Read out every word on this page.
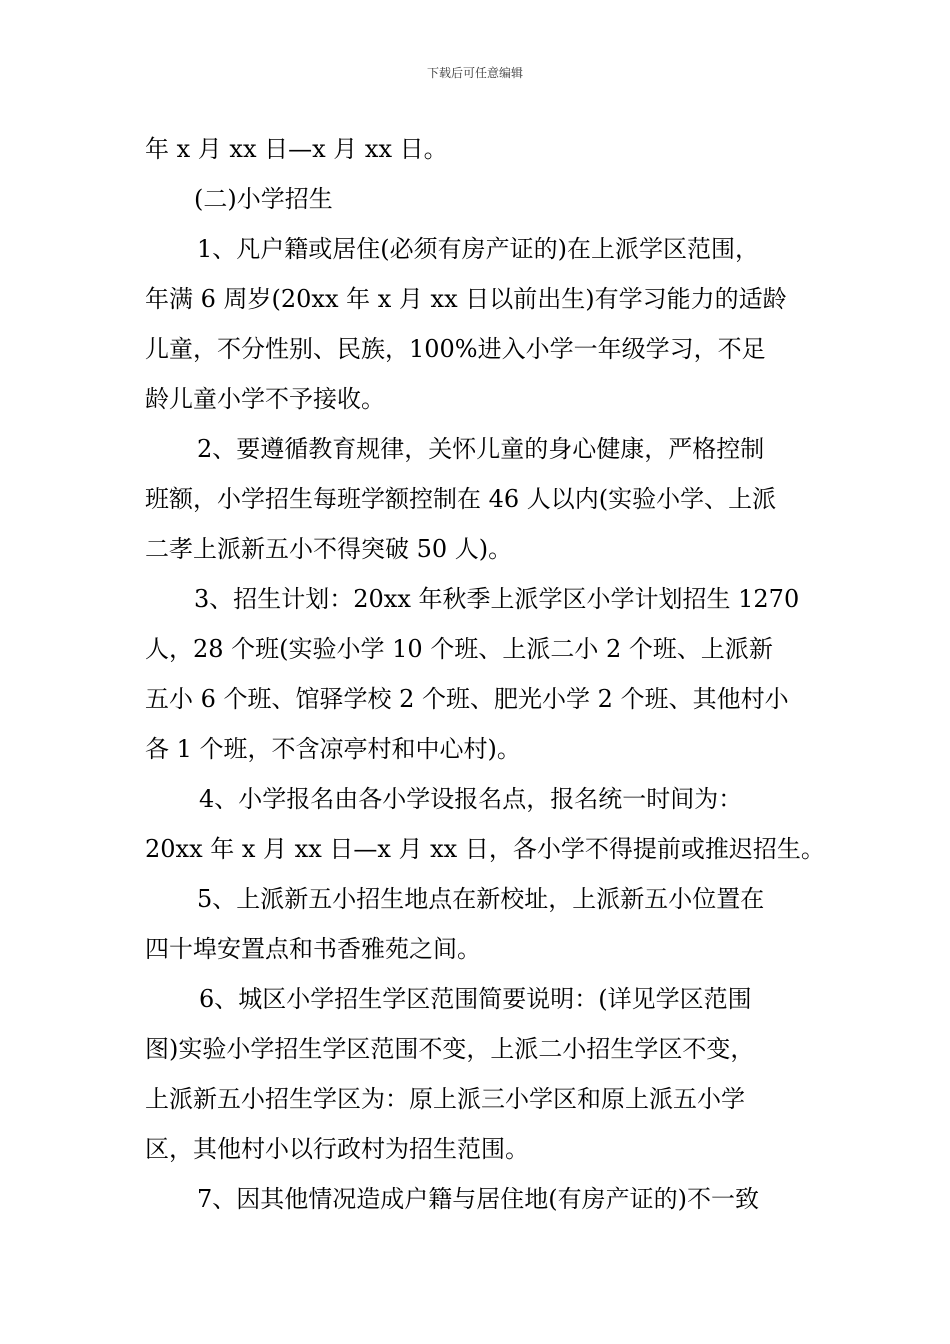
下载后可任意编辑
年 x 月 xx 日—x 月 xx 日。
(二)小学招生
1、凡户籍或居住(必须有房产证的)在上派学区范围，
年满 6 周岁(20xx 年 x 月 xx 日以前出生)有学习能力的适龄
儿童，不分性别、民族，100%进入小学一年级学习，不足
龄儿童小学不予接收。
2、要遵循教育规律，关怀儿童的身心健康，严格控制
班额，小学招生每班学额控制在 46 人以内(实验小学、上派
二孝上派新五小不得突破 50 人)。
3、招生计划：20xx 年秋季上派学区小学计划招生 1270
人，28 个班(实验小学 10 个班、上派二小 2 个班、上派新
五小 6 个班、馆驿学校 2 个班、肥光小学 2 个班、其他村小
各 1 个班，不含凉亭村和中心村)。
4、小学报名由各小学设报名点，报名统一时间为：
20xx 年 x 月 xx 日—x 月 xx 日，各小学不得提前或推迟招生。
5、上派新五小招生地点在新校址，上派新五小位置在
四十埠安置点和书香雅苑之间。
6、城区小学招生学区范围简要说明：(详见学区范围
图)实验小学招生学区范围不变，上派二小招生学区不变，
上派新五小招生学区为：原上派三小学区和原上派五小学
区，其他村小以行政村为招生范围。
7、因其他情况造成户籍与居住地(有房产证的)不一致
